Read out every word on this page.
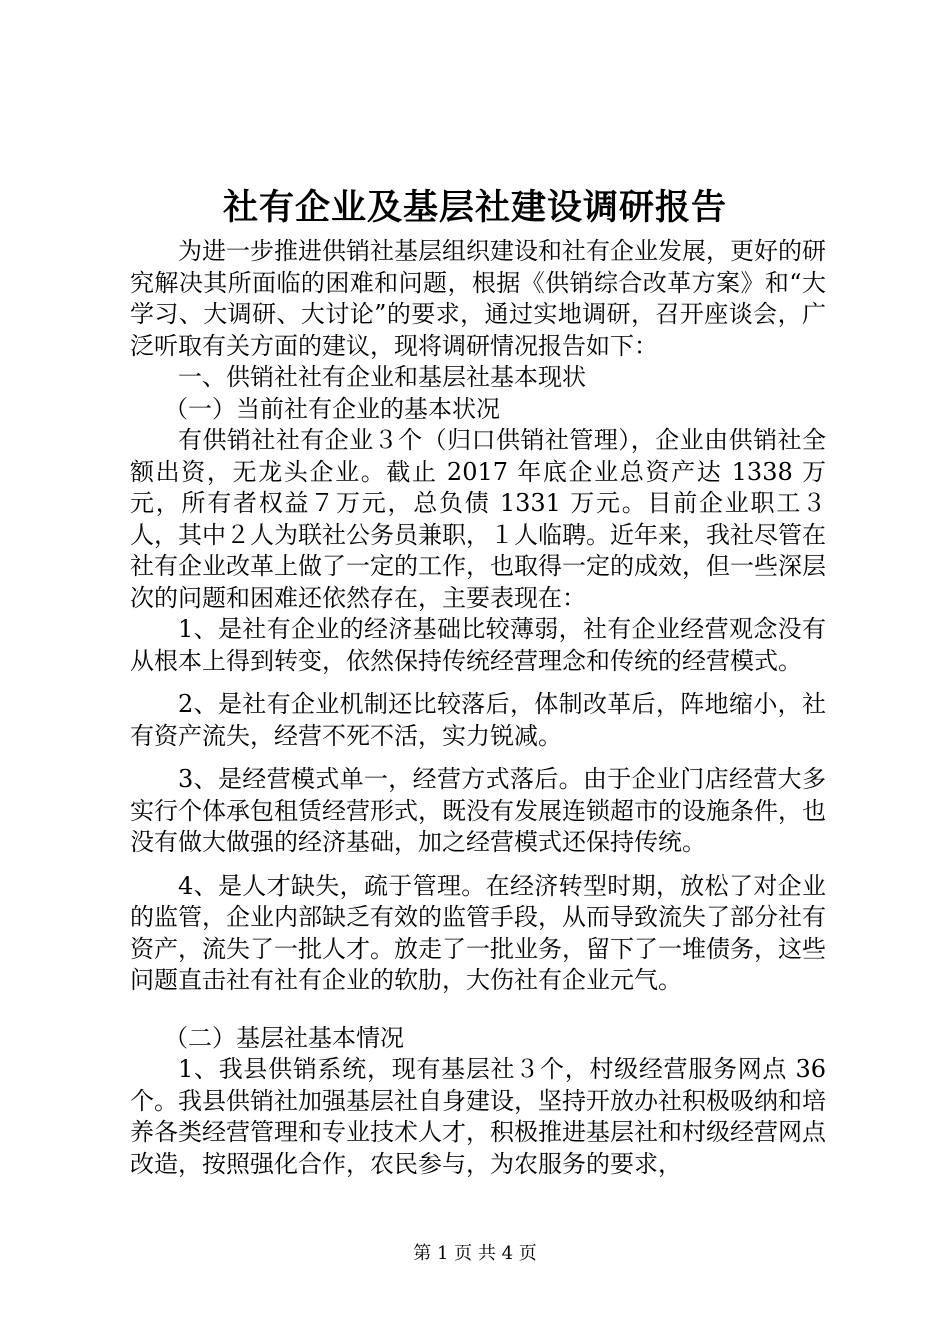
社有企业及基层社建设调研报告

为进一步推进供销社基层组织建设和社有企业发展，更好的研究解决其所面临的困难和问题，根据《供销综合改革方案》和“大学习、大调研、大讨论”的要求，通过实地调研，召开座谈会，广泛听取有关方面的建议，现将调研情况报告如下：

一、供销社社有企业和基层社基本现状

（一）当前社有企业的基本状况

有供销社社有企业３个（归口供销社管理），企业由供销社全额出资，无龙头企业。截止 2017 年底企业总资产达 1338 万元，所有者权益７万元，总负债 1331 万元。目前企业职工３人，其中２人为联社公务员兼职，１人临聘。近年来，我社尽管在社有企业改革上做了一定的工作，也取得一定的成效，但一些深层次的问题和困难还依然存在，主要表现在：

1、是社有企业的经济基础比较薄弱，社有企业经营观念没有从根本上得到转变，依然保持传统经营理念和传统的经营模式。

2、是社有企业机制还比较落后，体制改革后，阵地缩小，社有资产流失，经营不死不活，实力锐减。

3、是经营模式单一，经营方式落后。由于企业门店经营大多实行个体承包租赁经营形式，既没有发展连锁超市的设施条件，也没有做大做强的经济基础，加之经营模式还保持传统。

4、是人才缺失，疏于管理。在经济转型时期，放松了对企业的监管，企业内部缺乏有效的监管手段，从而导致流失了部分社有资产，流失了一批人才。放走了一批业务，留下了一堆债务，这些问题直击社有社有企业的软肋，大伤社有企业元气。

（二）基层社基本情况

1、我县供销系统，现有基层社３个，村级经营服务网点 36 个。我县供销社加强基层社自身建设，坚持开放办社积极吸纳和培养各类经营管理和专业技术人才，积极推进基层社和村级经营网点改造，按照强化合作，农民参与，为农服务的要求，

第 1 页 共 4 页
